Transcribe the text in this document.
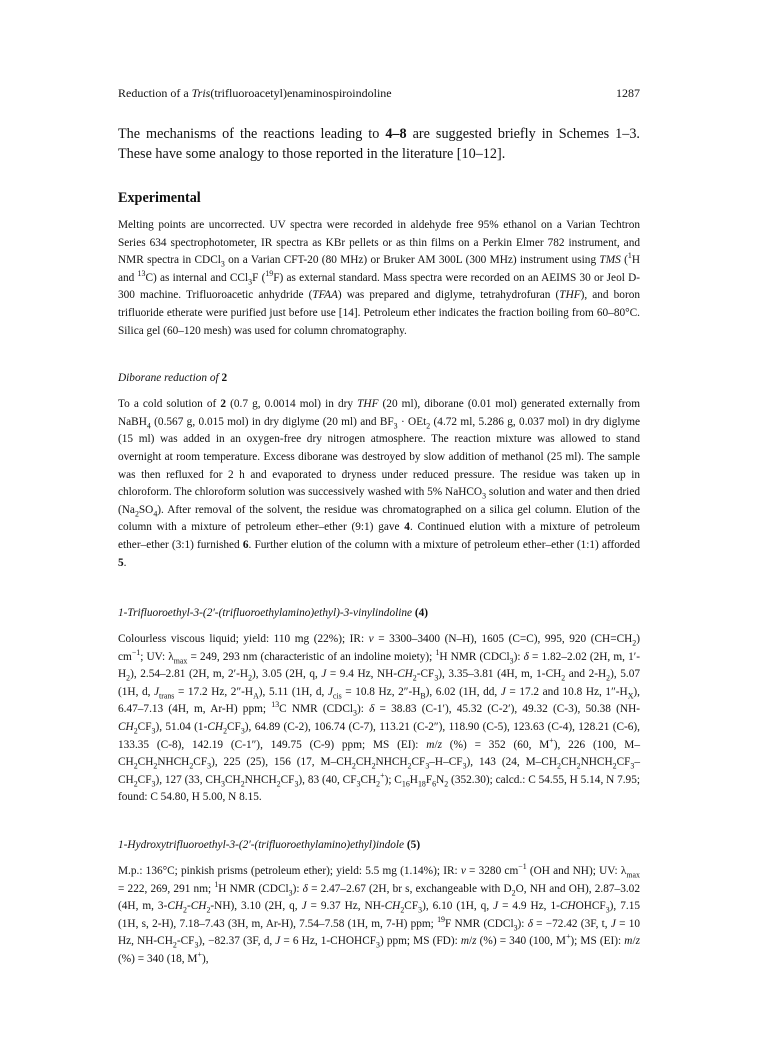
Reduction of a Tris(trifluoroacetyl)enaminospiroindoline	1287

The mechanisms of the reactions leading to 4–8 are suggested briefly in Schemes 1–3. These have some analogy to those reported in the literature [10–12].

Experimental

Melting points are uncorrected. UV spectra were recorded in aldehyde free 95% ethanol on a Varian Techtron Series 634 spectrophotometer, IR spectra as KBr pellets or as thin films on a Perkin Elmer 782 instrument, and NMR spectra in CDCl$_3$ on a Varian CFT-20 (80 MHz) or Bruker AM 300L (300 MHz) instrument using TMS ($^1$H and $^{13}$C) as internal and CCl$_3$F ($^{19}$F) as external standard. Mass spectra were recorded on an AEIMS 30 or Jeol D-300 machine. Trifluoroacetic anhydride (TFAA) was prepared and diglyme, tetrahydrofuran (THF), and boron trifluoride etherate were purified just before use [14]. Petroleum ether indicates the fraction boiling from 60–80°C. Silica gel (60–120 mesh) was used for column chromatography.

Diborane reduction of 2

To a cold solution of 2 (0.7 g, 0.0014 mol) in dry THF (20 ml), diborane (0.01 mol) generated externally from NaBH$_4$ (0.567 g, 0.015 mol) in dry diglyme (20 ml) and $BF_3 \cdot OEt_2$ (4.72 ml, 5.286 g, 0.037 mol) in dry diglyme (15 ml) was added in an oxygen-free dry nitrogen atmosphere. The reaction mixture was allowed to stand overnight at room temperature. Excess diborane was destroyed by slow addition of methanol (25 ml). The sample was then refluxed for 2 h and evaporated to dryness under reduced pressure. The residue was taken up in chloroform. The chloroform solution was successively washed with 5% NaHCO$_3$ solution and water and then dried $(Na_2SO_4)$. After removal of the solvent, the residue was chromatographed on a silica gel column. Elution of the column with a mixture of petroleum ether–ether (9:1) gave 4. Continued elution with a mixture of petroleum ether–ether (3:1) furnished 6. Further elution of the column with a mixture of petroleum ether–ether (1:1) afforded 5.

1-Trifluoroethyl-3-(2′-(trifluoroethylamino)ethyl)-3-vinylindoline (4)

Colourless viscous liquid; yield: 110 mg (22%); IR: ν = 3300–3400 (N–H), 1605 (C=C), 995, 920 $(CH=CH_2)$ $cm^{-1}$; UV: $\lambda_{max} = 249$, 293 nm (characteristic of an indoline moiety); $^1$H NMR (CDCl$_3$): δ = 1.82–2.02 (2H, m, $1'-H_2$), 2.54–2.81 (2H, m, $2'-H_2$), 3.05 (2H, q, J = 9.4 Hz, $NH-CH_2-CF_3$), 3.35–3.81 (4H, m, $1-CH_2$ and $2-H_2$), 5.07 (1H, d, $J_{trans} = 17.2$ Hz, $2''-H_A$), 5.11 (1H, d, $J_{cis} = 10.8$ Hz, $2''-H_B$), 6.02 (1H, dd, J = 17.2 and 10.8 Hz, $1''-H_X$), 6.47–7.13 (4H, m, Ar-H) ppm; $^{13}$C NMR (CDCl$_3$): δ = 38.83 (C-1′), 45.32 (C-2′), 49.32 (C-3), 50.38 $(NH-CH_2CF_3)$, 51.04 $(1-CH_2CF_3)$, 64.89 (C-2), 106.74 (C-7), 113.21 (C-2″), 118.90 (C-5), 123.63 (C-4), 128.21 (C-6), 133.35 (C-8), 142.19 (C-1″), 149.75 (C-9) ppm; MS (EI): m/z (%) = 352 (60, M+), 226 (100, $M-CH_2CH_2NHCH_2CF_3$), 225 (25), 156 (17, $M-CH_2CH_2NHCH_2CF_3-H-CF_3$), 143 (24, $M-CH_2CH_2NHCH_2CF_3-CH_2CF_3$), 127 (33, $CH_3CH_2NHCH_2CF_3$), 83 (40, $CF_3CH_2^+$); $C_{16}H_{18}F_6N_2$ (352.30); calcd.: C 54.55, H 5.14, N 7.95; found: C 54.80, H 5.00, N 8.15.

1-Hydroxytrifluoroethyl-3-(2′-(trifluoroethylamino)ethyl)indole (5)

M.p.: 136°C; pinkish prisms (petroleum ether); yield: 5.5 mg (1.14%); IR: ν = 3280 $cm^{-1}$ (OH and NH); UV: $\lambda_{max} = 222$, 269, 291 nm; $^1$H NMR (CDCl$_3$): δ = 2.47–2.67 (2H, br s, exchangeable with $D_2O$, NH and OH), 2.87–3.02 (4H, m, $3-CH_2-CH_2-NH$), 3.10 (2H, q, J = 9.37 Hz, $NH-CH_2CF_3$), 6.10 (1H, q, J = 4.9 Hz, $1-CHOHCF_3$), 7.15 (1H, s, 2-H), 7.18–7.43 (3H, m, Ar-H), 7.54–7.58 (1H, m, 7-H) ppm; $^{19}$F NMR (CDCl$_3$): δ = −72.42 (3F, t, J = 10 Hz, $NH-CH_2-CF_3$), −82.37 (3F, d, J = 6 Hz, $1-CHOHCF_3$) ppm; MS (FD): m/z (%) = 340 (100, M+); MS (EI): m/z (%) = 340 (18, M+),
